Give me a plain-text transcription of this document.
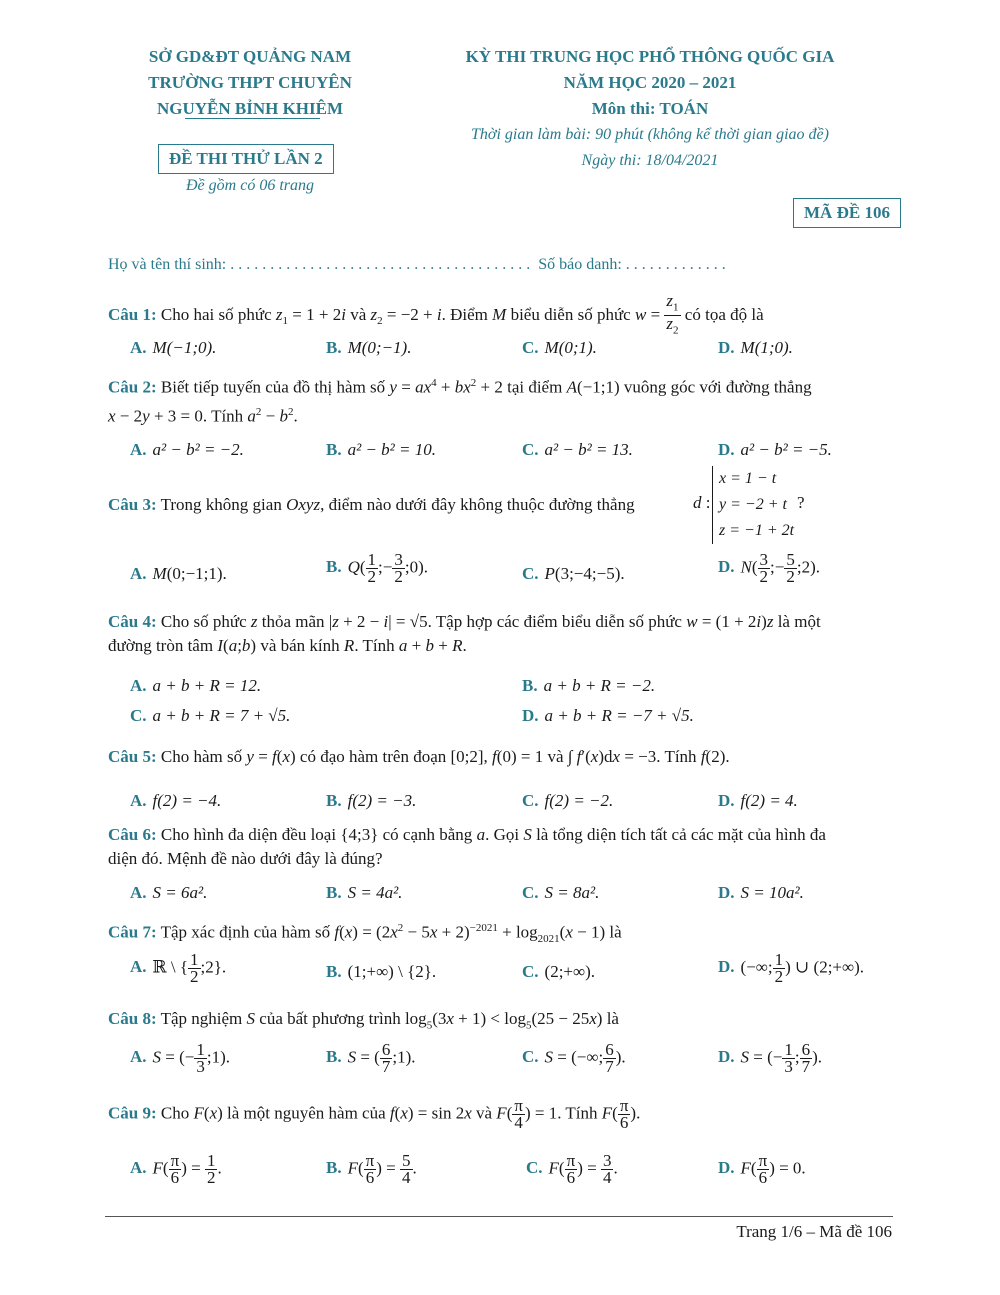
SỞ GD&ĐT QUẢNG NAM
TRƯỜNG THPT CHUYÊN
NGUYỄN BỈNH KHIÊM
ĐỀ THI THỬ LẦN 2
Đề gồm có 06 trang
KỲ THI TRUNG HỌC PHỔ THÔNG QUỐC GIA
NĂM HỌC 2020 – 2021
Môn thi: TOÁN
Thời gian làm bài: 90 phút (không kể thời gian giao đề)
Ngày thi: 18/04/2021
MÃ ĐỀ 106
Họ và tên thí sinh: . . . . . . . . . . . . . . . . . . . . . . . . . . . . . . . . . . . . . . Số báo danh: . . . . . . . . . . . . .
Câu 1: Cho hai số phức $z_1 = 1 + 2i$ và $z_2 = -2 + i$. Điểm M biểu diễn số phức $w = \frac{z_1}{z_2}$ có tọa độ là
A. M(−1;0).	B. M(0;−1).	C. M(0;1).	D. M(1;0).
Câu 2: Biết tiếp tuyến của đồ thị hàm số $y = ax^4 + bx^2 + 2$ tại điểm A(−1;1) vuông góc với đường thẳng
x − 2y + 3 = 0. Tính $a^2 - b^2$.
A. a² − b² = −2.	B. a² − b² = 10.	C. a² − b² = 13.	D. a² − b² = −5.
Câu 3: Trong không gian Oxyz, điểm nào dưới đây không thuộc đường thẳng	d :
x = 1 − t
y = −2 + t
z = −1 + 2t
?
A. M(0;−1;1).	B. $Q( \frac{1}{2}$ ;− $\frac{3}{2}$ ;0).	C. P(3;−4;−5).	D. $N( \frac{3}{2}$ ;− $\frac{5}{2}$ ;2).
Câu 4: Cho số phức z thỏa mãn |z + 2 − i| = √5. Tập hợp các điểm biểu diễn số phức w = (1 + 2i)z là một
đường tròn tâm I(a;b) và bán kính R. Tính a + b + R.
A. a + b + R = 12.	B. a + b + R = −2.
C. a + b + R = 7 + √5.	D. a + b + R = −7 + √5.
Câu 5: Cho hàm số y = f(x) có đạo hàm trên đoạn [0;2], f(0) = 1 và ∫ f′(x)dx = −3. Tính f(2).
A. f(2) = −4.	B. f(2) = −3.	C. f(2) = −2.	D. f(2) = 4.
Câu 6: Cho hình đa diện đều loại {4;3} có cạnh bằng a. Gọi S là tổng diện tích tất cả các mặt của hình đa
diện đó. Mệnh đề nào dưới đây là đúng?
A. S = 6a².	B. S = 4a².	C. S = 8a².	D. S = 10a².
Câu 7: Tập xác định của hàm số $f(x) = (2x^2 - 5x + 2)^{-2021} + \log_{2021}(x - 1)$ là
A. ℝ \ { $\frac{1}{2}$ ;2}.	B. (1;+∞) \ {2}.	C. (2;+∞).	D. (−∞; $\frac{1}{2}$ ) ∪ (2;+∞).
Câu 8: Tập nghiệm S của bất phương trình $\log_5(3x + 1) < \log_5(25 - 25x)$ là
A. S = (− $\frac{1}{3}$ ;1).	B. S = ( $\frac{6}{7}$ ;1).	C. S = (−∞; $\frac{6}{7}$ ).	D. S = (− $\frac{1}{3}$ ; $\frac{6}{7}$ ).
Câu 9: Cho F(x) là một nguyên hàm của f(x) = sin 2x và $F( \frac{\pi}{4}$ ) = 1. Tính $F( \frac{\pi}{6}$ ).
A. $F( \frac{\pi}{6}$ ) = $\frac{1}{2}$ .	B. $F( \frac{\pi}{6}$ ) = $\frac{5}{4}$ .	C. $F( \frac{\pi}{6}$ ) = $\frac{3}{4}$ .	D. $F( \frac{\pi}{6}$ ) = 0.
Trang 1/6 – Mã đề 106
